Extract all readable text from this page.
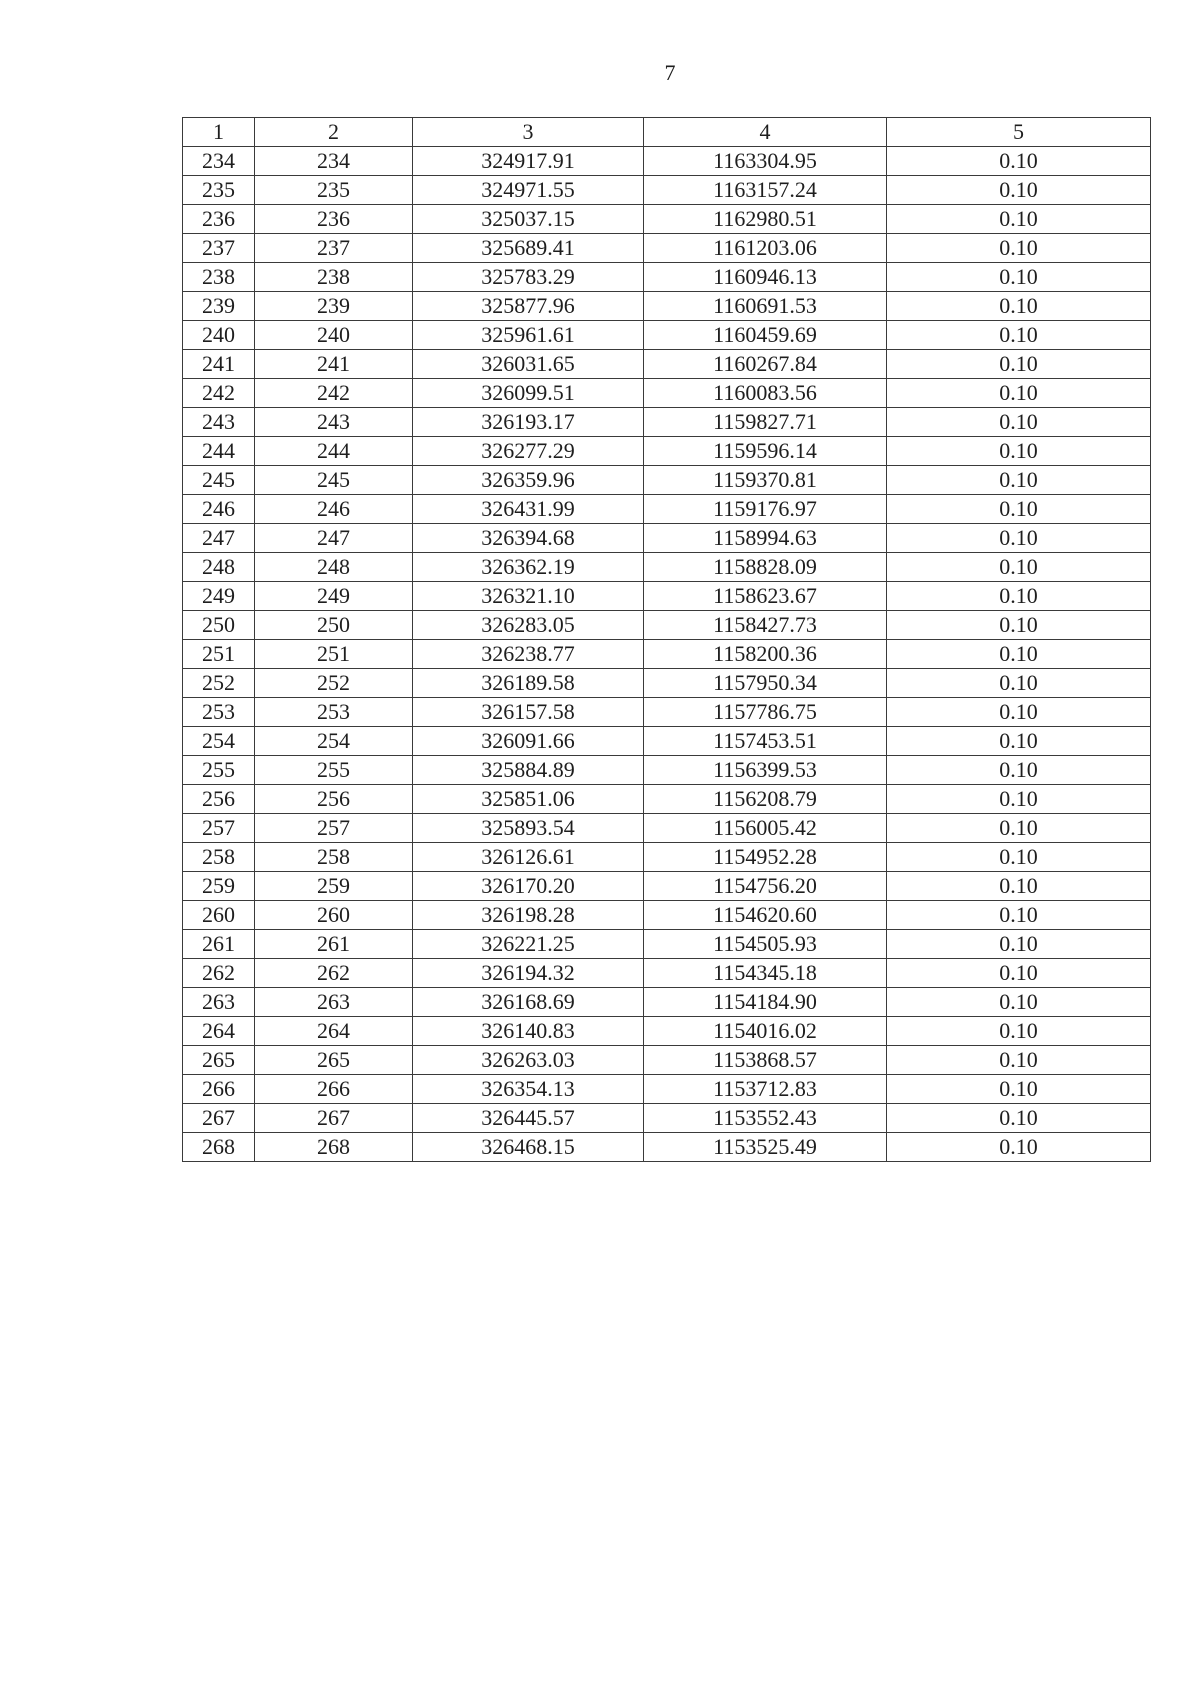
7
1	2	3	4	5
234	234	324917.91	1163304.95	0.10
235	235	324971.55	1163157.24	0.10
236	236	325037.15	1162980.51	0.10
237	237	325689.41	1161203.06	0.10
238	238	325783.29	1160946.13	0.10
239	239	325877.96	1160691.53	0.10
240	240	325961.61	1160459.69	0.10
241	241	326031.65	1160267.84	0.10
242	242	326099.51	1160083.56	0.10
243	243	326193.17	1159827.71	0.10
244	244	326277.29	1159596.14	0.10
245	245	326359.96	1159370.81	0.10
246	246	326431.99	1159176.97	0.10
247	247	326394.68	1158994.63	0.10
248	248	326362.19	1158828.09	0.10
249	249	326321.10	1158623.67	0.10
250	250	326283.05	1158427.73	0.10
251	251	326238.77	1158200.36	0.10
252	252	326189.58	1157950.34	0.10
253	253	326157.58	1157786.75	0.10
254	254	326091.66	1157453.51	0.10
255	255	325884.89	1156399.53	0.10
256	256	325851.06	1156208.79	0.10
257	257	325893.54	1156005.42	0.10
258	258	326126.61	1154952.28	0.10
259	259	326170.20	1154756.20	0.10
260	260	326198.28	1154620.60	0.10
261	261	326221.25	1154505.93	0.10
262	262	326194.32	1154345.18	0.10
263	263	326168.69	1154184.90	0.10
264	264	326140.83	1154016.02	0.10
265	265	326263.03	1153868.57	0.10
266	266	326354.13	1153712.83	0.10
267	267	326445.57	1153552.43	0.10
268	268	326468.15	1153525.49	0.10
